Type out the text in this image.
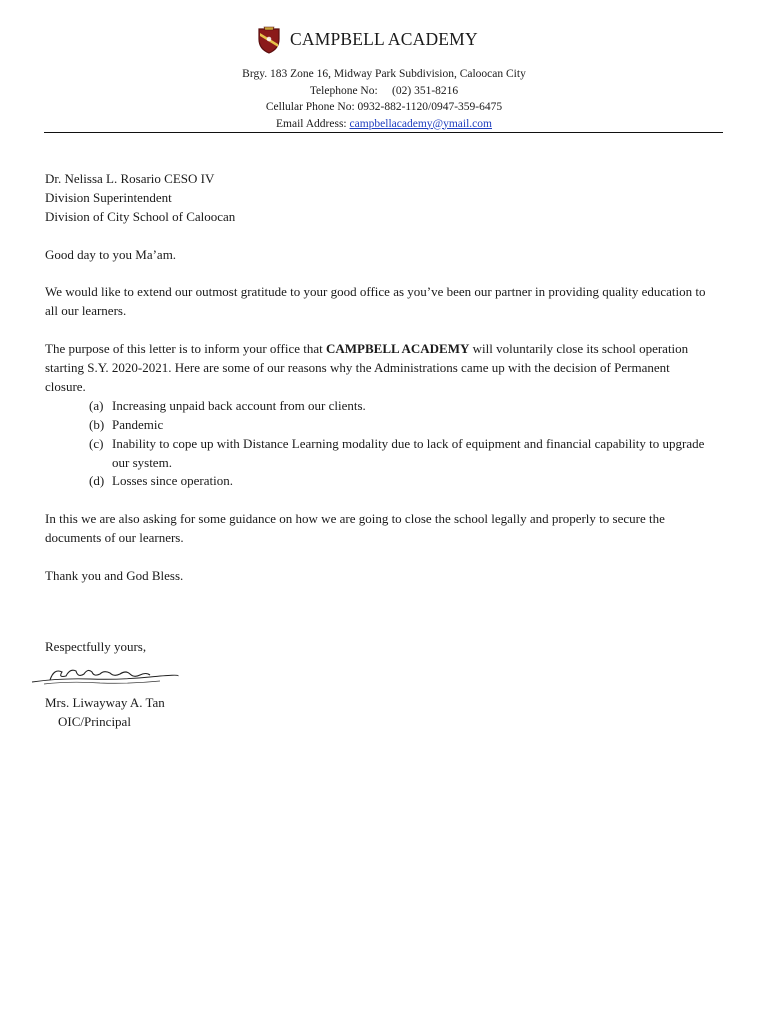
CAMPBELL ACADEMY
Brgy. 183 Zone 16, Midway Park Subdivision, Caloocan City
Telephone No: (02) 351-8216
Cellular Phone No: 0932-882-1120/0947-359-6475
Email Address: campbellacademy@ymail.com

Dr. Nelissa L. Rosario CESO IV

Division Superintendent

Division of City School of Caloocan

Good day to you Ma’am.

We would like to extend our outmost gratitude to your good office as you’ve been our partner in providing quality education to all our learners.

The purpose of this letter is to inform your office that CAMPBELL ACADEMY will voluntarily close its school operation starting S.Y. 2020-2021. Here are some of our reasons why the Administrations came up with the decision of Permanent closure.

(a) Increasing unpaid back account from our clients.
(b) Pandemic
(c) Inability to cope up with Distance Learning modality due to lack of equipment and financial capability to upgrade our system.
(d) Losses since operation.

In this we are also asking for some guidance on how we are going to close the school legally and properly to secure the documents of our learners.

Thank you and God Bless.

Respectfully yours,
Mrs. Liwayway A. Tan
OIC/Principal
